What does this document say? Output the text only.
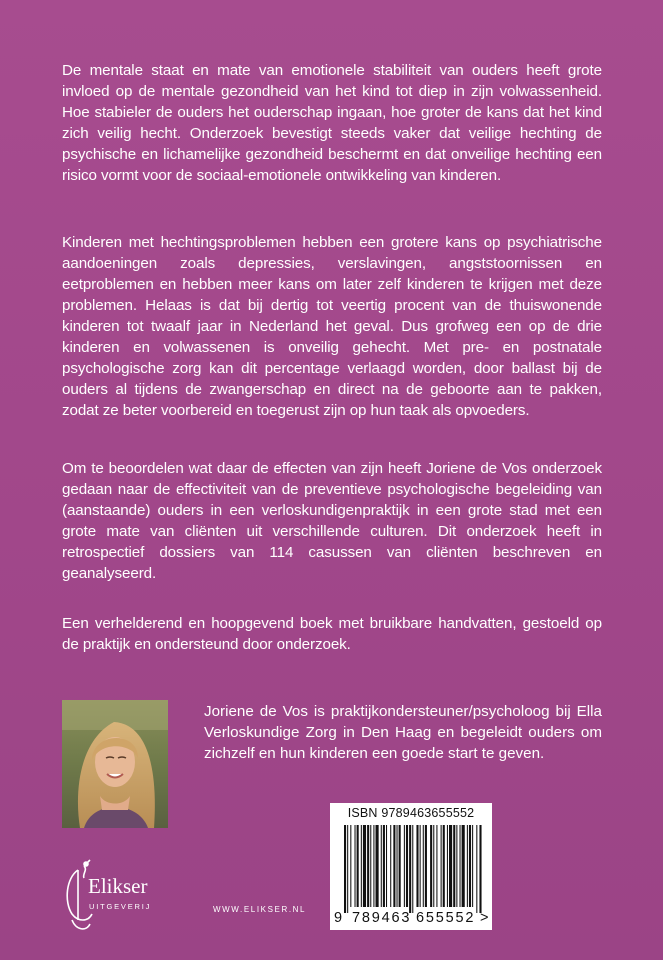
De mentale staat en mate van emotionele stabiliteit van ouders heeft grote invloed op de mentale gezondheid van het kind tot diep in zijn volwassenheid. Hoe stabieler de ouders het ouderschap ingaan, hoe groter de kans dat het kind zich veilig hecht. Onderzoek bevestigt steeds vaker dat veilige hechting de psychische en lichamelijke gezondheid beschermt en dat onveilige hechting een risico vormt voor de sociaal-emotionele ontwikkeling van kinderen.

Kinderen met hechtingsproblemen hebben een grotere kans op psychiatrische aandoeningen zoals depressies, verslavingen, angststoornissen en eetproblemen en hebben meer kans om later zelf kinderen te krijgen met deze problemen. Helaas is dat bij dertig tot veertig procent van de thuiswonende kinderen tot twaalf jaar in Nederland het geval. Dus grofweg een op de drie kinderen en volwassenen is onveilig gehecht. Met pre- en postnatale psychologische zorg kan dit percentage verlaagd worden, door ballast bij de ouders al tijdens de zwangerschap en direct na de geboorte aan te pakken, zodat ze beter voorbereid en toegerust zijn op hun taak als opvoeders.

Om te beoordelen wat daar de effecten van zijn heeft Joriene de Vos onderzoek gedaan naar de effectiviteit van de preventieve psychologische begeleiding van (aanstaande) ouders in een verloskundigenpraktijk in een grote stad met een grote mate van cliënten uit verschillende culturen. Dit onderzoek heeft in retrospectief dossiers van 114 casussen van cliënten beschreven en geanalyseerd.

Een verhelderend en hoopgevend boek met bruikbare handvatten, gestoeld op de praktijk en ondersteund door onderzoek.

Joriene de Vos is praktijkondersteuner/psycholoog bij Ella Verloskundige Zorg in Den Haag en begeleidt ouders om zichzelf en hun kinderen een goede start te geven.

ISBN 9789463655552
9 789463 655552 >
Elikser
UITGEVERIJ	WWW.ELIKSER.NL
